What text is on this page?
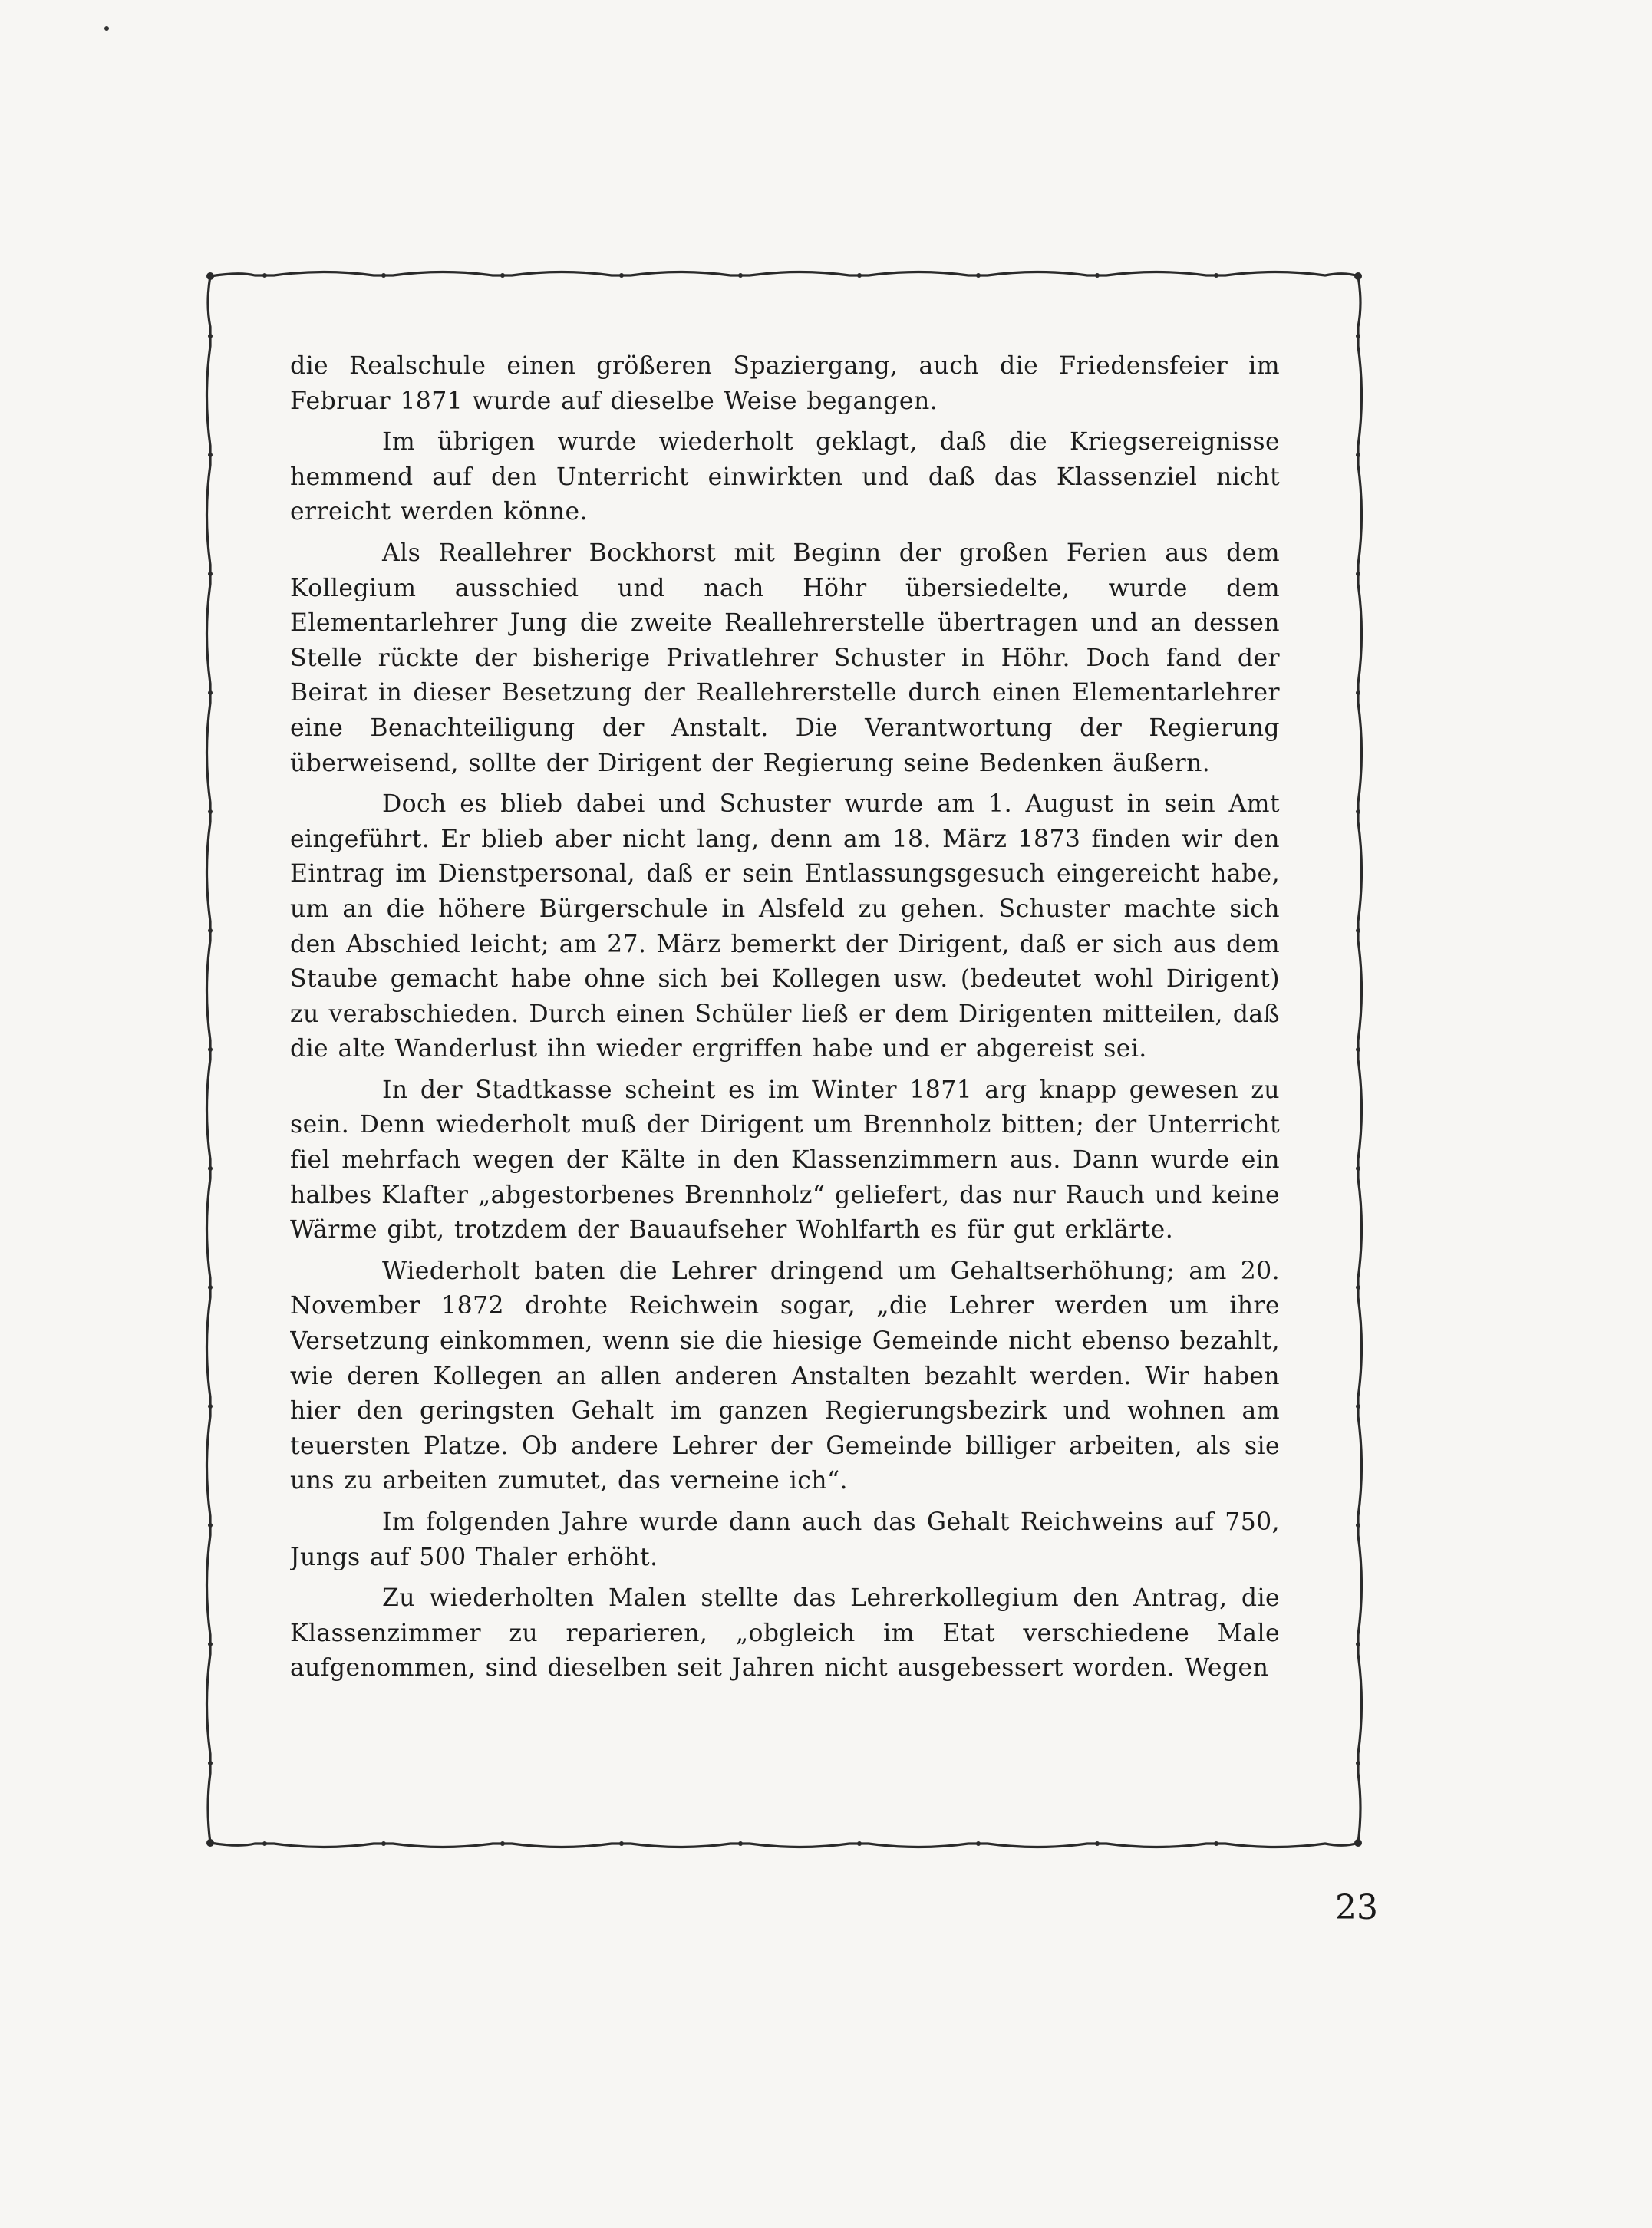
die Realschule einen größeren Spaziergang, auch die Friedensfeier im Februar 1871 wurde auf dieselbe Weise begangen.

Im übrigen wurde wiederholt geklagt, daß die Kriegsereignisse hemmend auf den Unterricht einwirkten und daß das Klassenziel nicht erreicht werden könne.

Als Reallehrer Bockhorst mit Beginn der großen Ferien aus dem Kollegium ausschied und nach Höhr übersiedelte, wurde dem Elementarlehrer Jung die zweite Reallehrerstelle übertragen und an dessen Stelle rückte der bisherige Privatlehrer Schuster in Höhr. Doch fand der Beirat in dieser Besetzung der Reallehrerstelle durch einen Elementarlehrer eine Benachteiligung der Anstalt. Die Verantwortung der Regierung überweisend, sollte der Dirigent der Regierung seine Bedenken äußern.

Doch es blieb dabei und Schuster wurde am 1. August in sein Amt eingeführt. Er blieb aber nicht lang, denn am 18. März 1873 finden wir den Eintrag im Dienstpersonal, daß er sein Entlassungsgesuch eingereicht habe, um an die höhere Bürgerschule in Alsfeld zu gehen. Schuster machte sich den Abschied leicht; am 27. März bemerkt der Dirigent, daß er sich aus dem Staube gemacht habe ohne sich bei Kollegen usw. (bedeutet wohl Dirigent) zu verabschieden. Durch einen Schüler ließ er dem Dirigenten mitteilen, daß die alte Wanderlust ihn wieder ergriffen habe und er abgereist sei.

In der Stadtkasse scheint es im Winter 1871 arg knapp gewesen zu sein. Denn wiederholt muß der Dirigent um Brennholz bitten; der Unterricht fiel mehrfach wegen der Kälte in den Klassenzimmern aus. Dann wurde ein halbes Klafter „abgestorbenes Brennholz“ geliefert, das nur Rauch und keine Wärme gibt, trotzdem der Bauaufseher Wohlfarth es für gut erklärte.

Wiederholt baten die Lehrer dringend um Gehaltserhöhung; am 20. November 1872 drohte Reichwein sogar, „die Lehrer werden um ihre Versetzung einkommen, wenn sie die hiesige Gemeinde nicht ebenso bezahlt, wie deren Kollegen an allen anderen Anstalten bezahlt werden. Wir haben hier den geringsten Gehalt im ganzen Regierungsbezirk und wohnen am teuersten Platze. Ob andere Lehrer der Gemeinde billiger arbeiten, als sie uns zu arbeiten zumutet, das verneine ich“.

Im folgenden Jahre wurde dann auch das Gehalt Reichweins auf 750, Jungs auf 500 Thaler erhöht.

Zu wiederholten Malen stellte das Lehrerkollegium den Antrag, die Klassenzimmer zu reparieren, „obgleich im Etat verschiedene Male aufgenommen, sind dieselben seit Jahren nicht ausgebessert worden. Wegen

23
